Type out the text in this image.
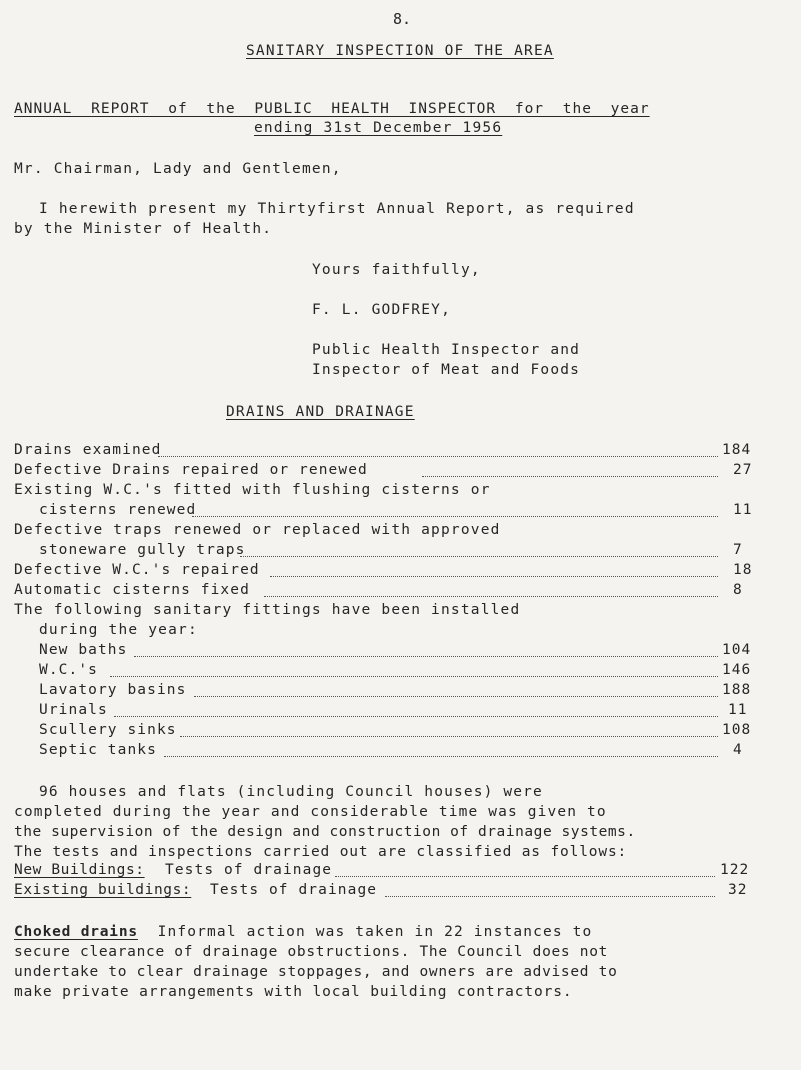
8.
SANITARY INSPECTION OF THE AREA
ANNUAL REPORT of the PUBLIC HEALTH INSPECTOR for the year
ending 31st December 1956
Mr. Chairman, Lady and Gentlemen,
I herewith present my Thirtyfirst Annual Report, as required
by the Minister of Health.
Yours faithfully,
F. L. GODFREY,
Public Health Inspector and
Inspector of Meat and Foods
DRAINS AND DRAINAGE
Drains examined	184
Defective Drains repaired or renewed	27
Existing W.C.'s fitted with flushing cisterns or
cisterns renewed	11
Defective traps renewed or replaced with approved
stoneware gully traps	7
Defective W.C.'s repaired	18
Automatic cisterns fixed	8
The following sanitary fittings have been installed
during the year:
New baths	104
W.C.'s	146
Lavatory basins	188
Urinals	11
Scullery sinks	108
Septic tanks	4
96 houses and flats (including Council houses) were
completed during the year and considerable time was given to
the supervision of the design and construction of drainage systems.
The tests and inspections carried out are classified as follows:
New Buildings: Tests of drainage	122
Existing buildings: Tests of drainage	32
Choked drains Informal action was taken in 22 instances to
secure clearance of drainage obstructions. The Council does not
undertake to clear drainage stoppages, and owners are advised to
make private arrangements with local building contractors.
